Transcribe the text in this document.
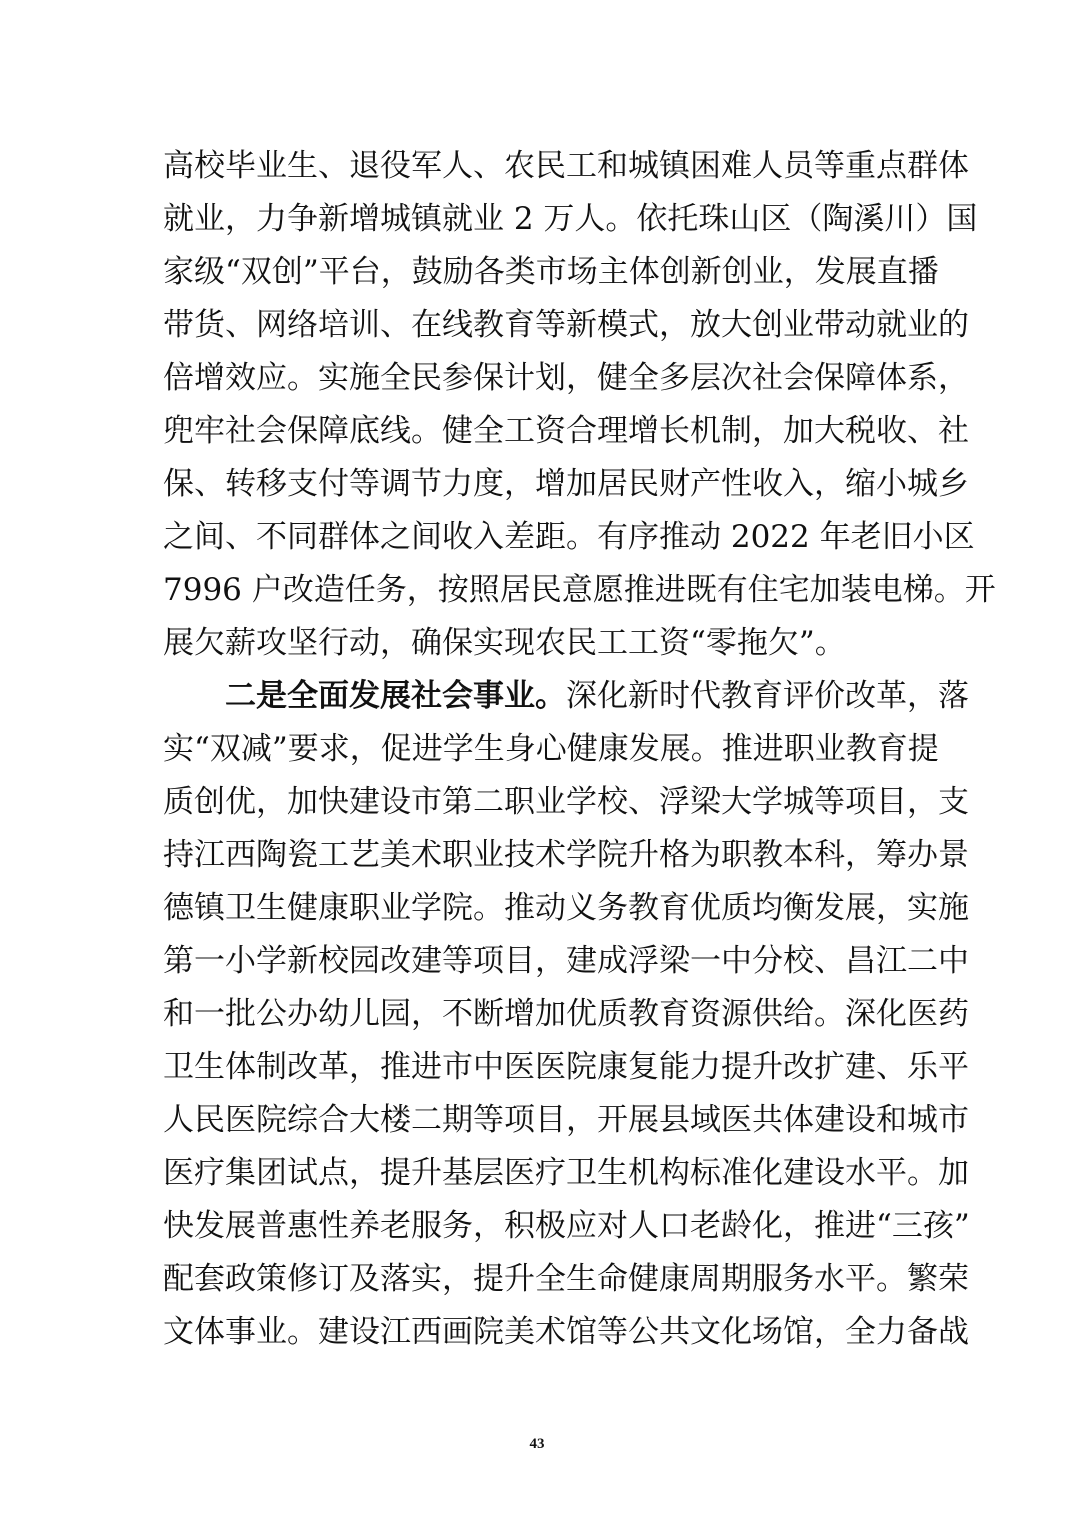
高校毕业生、退役军人、农民工和城镇困难人员等重点群体
就业，力争新增城镇就业 2 万人。依托珠山区（陶溪川）国
家级“双创”平台，鼓励各类市场主体创新创业，发展直播
带货、网络培训、在线教育等新模式，放大创业带动就业的
倍增效应。实施全民参保计划，健全多层次社会保障体系，
兜牢社会保障底线。健全工资合理增长机制，加大税收、社
保、转移支付等调节力度，增加居民财产性收入，缩小城乡
之间、不同群体之间收入差距。有序推动 2022 年老旧小区
7996 户改造任务，按照居民意愿推进既有住宅加装电梯。开
展欠薪攻坚行动，确保实现农民工工资“零拖欠”。
二是全面发展社会事业。深化新时代教育评价改革，落
实“双减”要求，促进学生身心健康发展。推进职业教育提
质创优，加快建设市第二职业学校、浮梁大学城等项目，支
持江西陶瓷工艺美术职业技术学院升格为职教本科，筹办景
德镇卫生健康职业学院。推动义务教育优质均衡发展，实施
第一小学新校园改建等项目，建成浮梁一中分校、昌江二中
和一批公办幼儿园，不断增加优质教育资源供给。深化医药
卫生体制改革，推进市中医医院康复能力提升改扩建、乐平
人民医院综合大楼二期等项目，开展县域医共体建设和城市
医疗集团试点，提升基层医疗卫生机构标准化建设水平。加
快发展普惠性养老服务，积极应对人口老龄化，推进“三孩”
配套政策修订及落实，提升全生命健康周期服务水平。繁荣
文体事业。建设江西画院美术馆等公共文化场馆，全力备战
43
